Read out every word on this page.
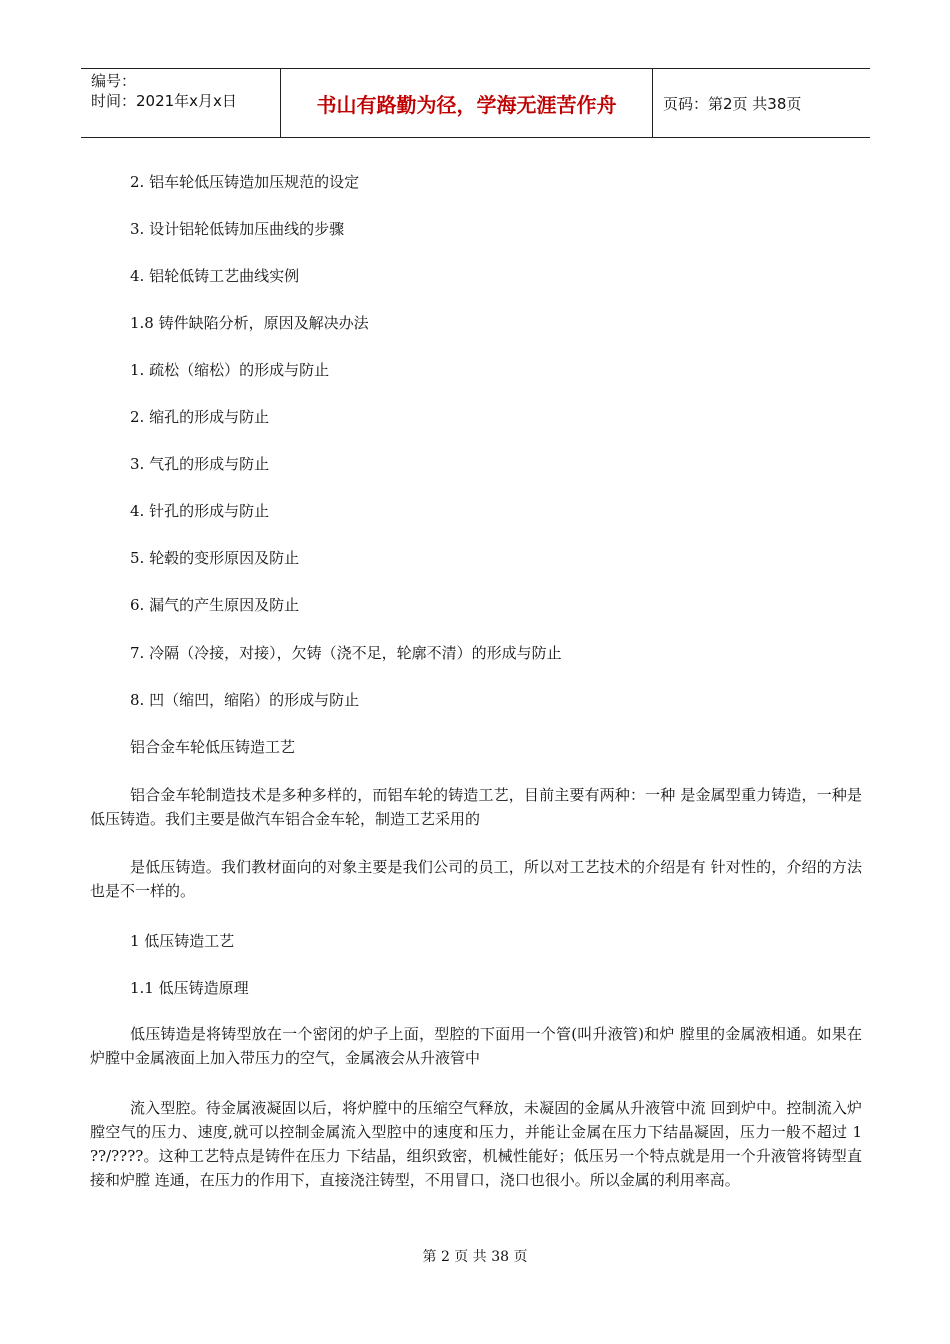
编号：
时间：2021年x月x日	书山有路勤为径，学海无涯苦作舟	页码：第2页 共38页
2. 铝车轮低压铸造加压规范的设定
3. 设计铝轮低铸加压曲线的步骤
4. 铝轮低铸工艺曲线实例
1.8 铸件缺陷分析，原因及解决办法
1. 疏松（缩松）的形成与防止
2. 缩孔的形成与防止
3. 气孔的形成与防止
4. 针孔的形成与防止
5. 轮毂的变形原因及防止
6. 漏气的产生原因及防止
7. 冷隔（冷接，对接），欠铸（浇不足，轮廓不清）的形成与防止
8. 凹（缩凹，缩陷）的形成与防止
铝合金车轮低压铸造工艺
铝合金车轮制造技术是多种多样的，而铝车轮的铸造工艺，目前主要有两种：一种 是金属型重力铸造，一种是低压铸造。我们主要是做汽车铝合金车轮，制造工艺采用的
是低压铸造。我们教材面向的对象主要是我们公司的员工，所以对工艺技术的介绍是有 针对性的，介绍的方法也是不一样的。
1 低压铸造工艺
1.1 低压铸造原理
低压铸造是将铸型放在一个密闭的炉子上面，型腔的下面用一个管(叫升液管)和炉 膛里的金属液相通。如果在炉膛中金属液面上加入带压力的空气，金属液会从升液管中
流入型腔。待金属液凝固以后，将炉膛中的压缩空气释放，未凝固的金属从升液管中流 回到炉中。控制流入炉膛空气的压力、速度,就可以控制金属流入型腔中的速度和压力，并能让金属在压力下结晶凝固，压力一般不超过 1 ??/????。这种工艺特点是铸件在压力 下结晶，组织致密，机械性能好；低压另一个特点就是用一个升液管将铸型直接和炉膛 连通，在压力的作用下，直接浇注铸型，不用冒口，浇口也很小。所以金属的利用率高。
第 2 页 共 38 页
